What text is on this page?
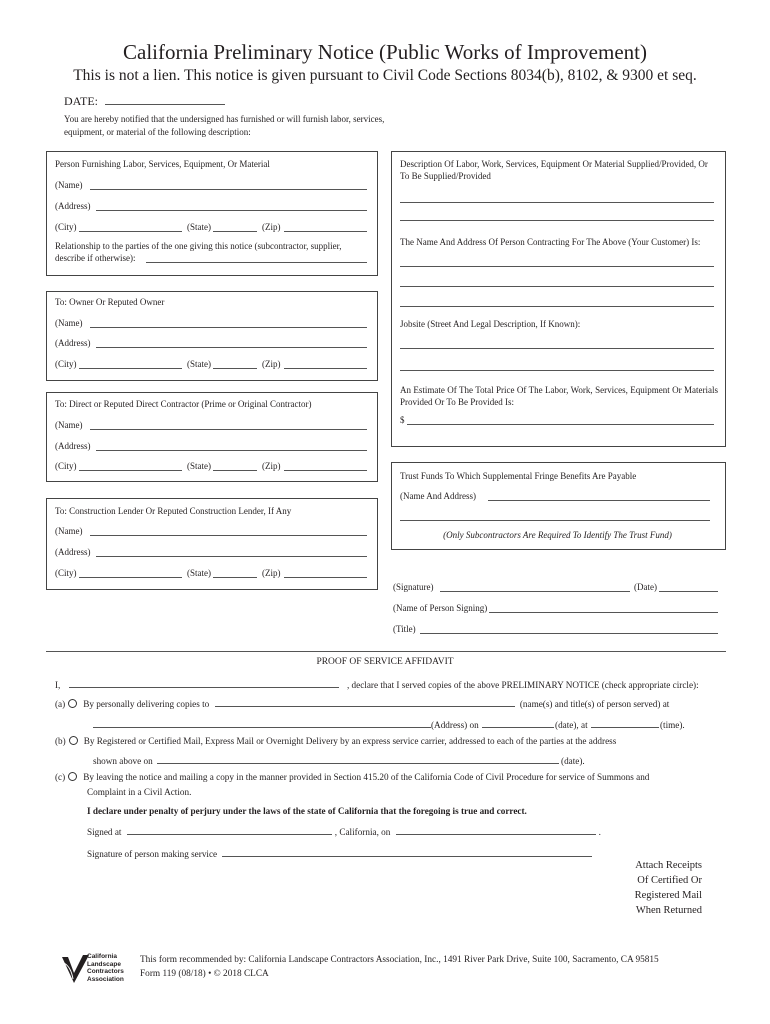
California Preliminary Notice (Public Works of Improvement)
This is not a lien. This notice is given pursuant to Civil Code Sections 8034(b), 8102, & 9300 et seq.
DATE:
You are hereby notified that the undersigned has furnished or will furnish labor, services, equipment, or material of the following description:
Person Furnishing Labor, Services, Equipment, Or Material
(Name)
(Address)
(City)	(State)	(Zip)
Relationship to the parties of the one giving this notice (subcontractor, supplier, describe if otherwise):
To: Owner Or Reputed Owner
(Name)
(Address)
(City)	(State)	(Zip)
To: Direct or Reputed Direct Contractor (Prime or Original Contractor)
(Name)
(Address)
(City)	(State)	(Zip)
To: Construction Lender Or Reputed Construction Lender, If Any
(Name)
(Address)
(City)	(State)	(Zip)
Description Of Labor, Work, Services, Equipment Or Material Supplied/Provided, Or To Be Supplied/Provided
The Name And Address Of Person Contracting For The Above (Your Customer) Is:
Jobsite (Street And Legal Description, If Known):
An Estimate Of The Total Price Of The Labor, Work, Services, Equipment Or Materials Provided Or To Be Provided Is:
$
Trust Funds To Which Supplemental Fringe Benefits Are Payable
(Name And Address)
(Only Subcontractors Are Required To Identify The Trust Fund)
(Signature)	(Date)
(Name of Person Signing)
(Title)
PROOF OF SERVICE AFFIDAVIT
I,	, declare that I served copies of the above PRELIMINARY NOTICE (check appropriate circle):
(a) By personally delivering copies to	(name(s) and title(s) of person served) at
(Address) on	(date), at	(time).
(b) By Registered or Certified Mail, Express Mail or Overnight Delivery by an express service carrier, addressed to each of the parties at the address
shown above on	(date).
(c) By leaving the notice and mailing a copy in the manner provided in Section 415.20 of the California Code of Civil Procedure for service of Summons and
Complaint in a Civil Action.
I declare under penalty of perjury under the laws of the state of California that the foregoing is true and correct.
Signed at	, California, on	.
Signature of person making service
Attach Receipts
Of Certified Or
Registered Mail
When Returned
California
Landscape
Contractors
Association
This form recommended by: California Landscape Contractors Association, Inc., 1491 River Park Drive, Suite 100, Sacramento, CA 95815
Form 119 (08/18) • © 2018 CLCA
